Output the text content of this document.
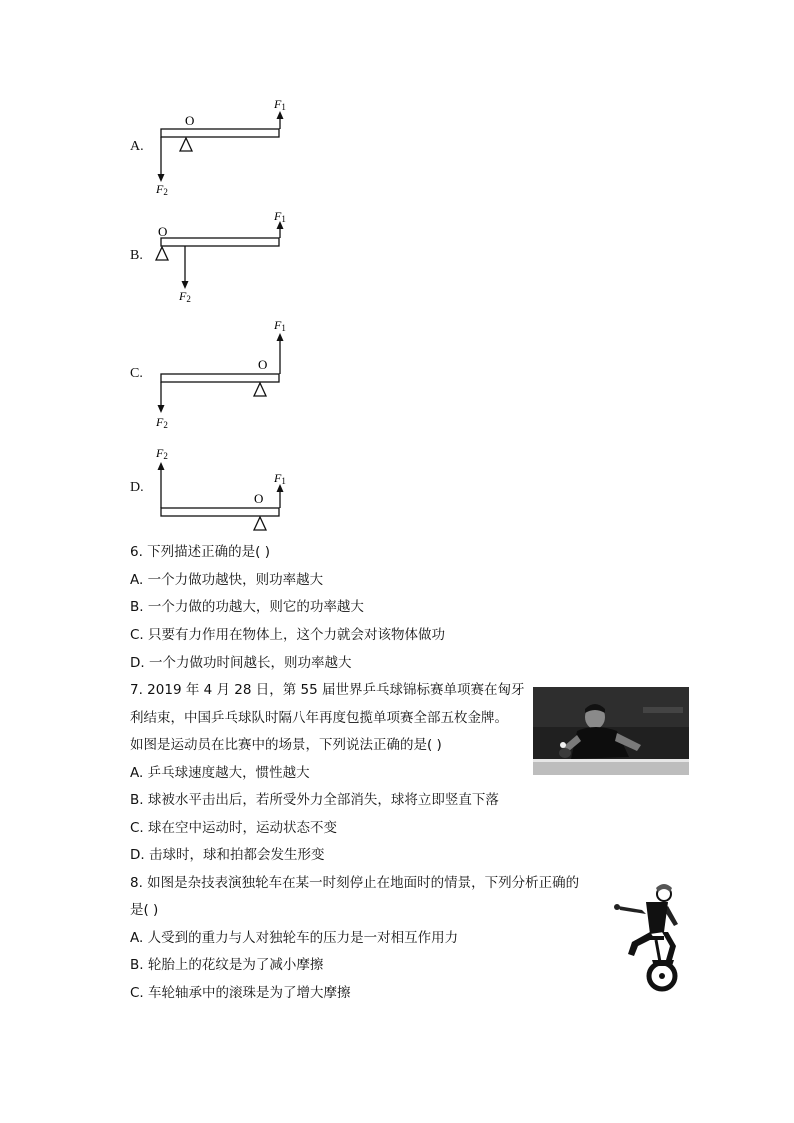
A.
O
F1
F2
B.
O
F1
F2
C.
O
F1
F2
D.
O
F2
F1
6. 下列描述正确的是( )
A. 一个力做功越快，则功率越大
B. 一个力做的功越大，则它的功率越大
C. 只要有力作用在物体上，这个力就会对该物体做功
D. 一个力做功时间越长，则功率越大
7. 2019 年 4 月 28 日，第 55 届世界乒乓球锦标赛单项赛在匈牙
利结束，中国乒乓球队时隔八年再度包揽单项赛全部五枚金牌。
如图是运动员在比赛中的场景，下列说法正确的是( )
A. 乒乓球速度越大，惯性越大
B. 球被水平击出后，若所受外力全部消失，球将立即竖直下落
C. 球在空中运动时，运动状态不变
D. 击球时，球和拍都会发生形变
8. 如图是杂技表演独轮车在某一时刻停止在地面时的情景，下列分析正确的
是( )
A. 人受到的重力与人对独轮车的压力是一对相互作用力
B. 轮胎上的花纹是为了减小摩擦
C. 车轮轴承中的滚珠是为了增大摩擦
